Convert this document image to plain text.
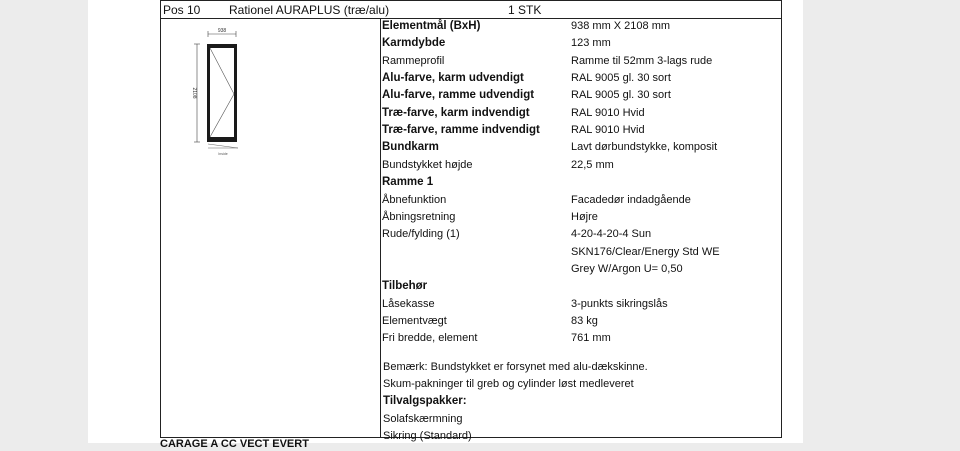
Pos 10 Rationel AURAPLUS (træ/alu)	1 STK
938
2108
Inside
Elementmål (BxH)	938 mm X 2108 mm
Karmdybde	123 mm
Rammeprofil	Ramme til 52mm 3-lags rude
Alu-farve, karm udvendigt	RAL 9005 gl. 30 sort
Alu-farve, ramme udvendigt	RAL 9005 gl. 30 sort
Træ-farve, karm indvendigt	RAL 9010 Hvid
Træ-farve, ramme indvendigt	RAL 9010 Hvid
Bundkarm	Lavt dørbundstykke, komposit
Bundstykket højde	22,5 mm
Ramme 1
Åbnefunktion	Facadedør indadgående
Åbningsretning	Højre
Rude/fylding (1)	4-20-4-20-4 Sun
SKN176/Clear/Energy Std WE
Grey W/Argon U= 0,50
Tilbehør
Låsekasse	3-punkts sikringslås
Elementvægt	83 kg
Fri bredde, element	761 mm
Bemærk: Bundstykket er forsynet med alu-dækskinne.
Skum-pakninger til greb og cylinder løst medleveret
Tilvalgspakker:
Solafskærmning
Sikring (Standard)
CARAGE A CC VECT EVERT
